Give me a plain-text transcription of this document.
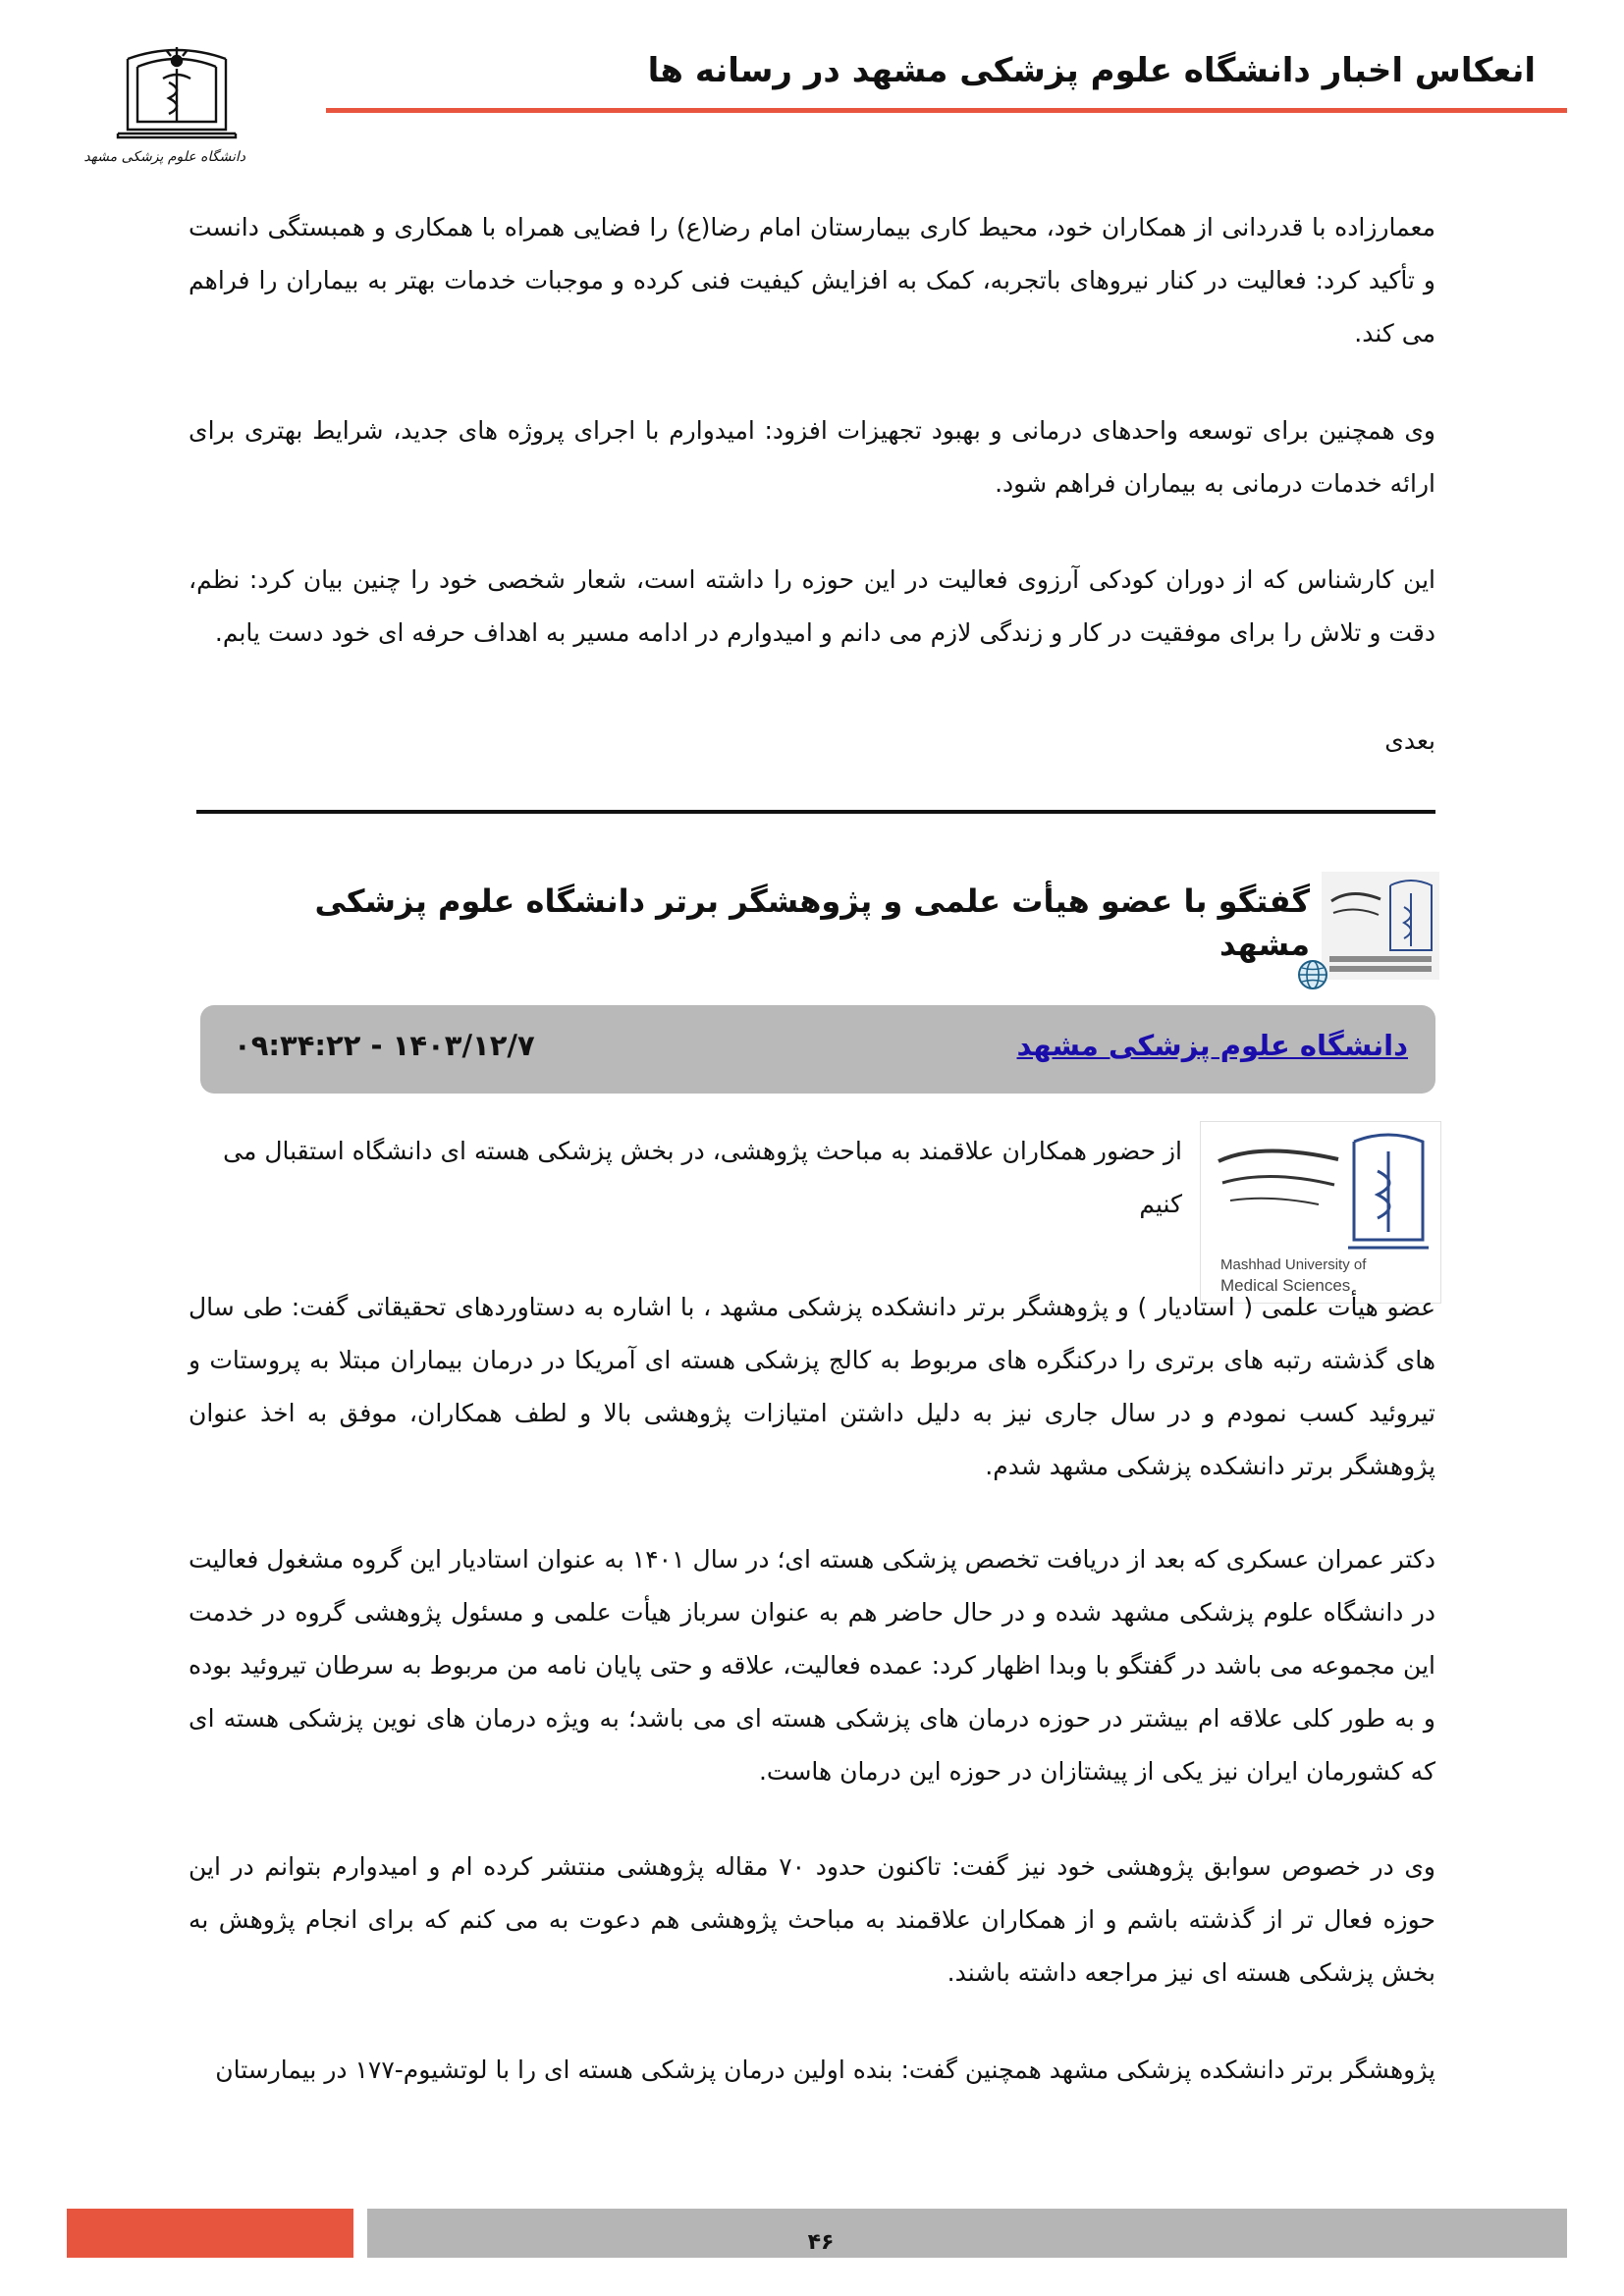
انعکاس اخبار دانشگاه علوم پزشکی مشهد در رسانه ها
دانشگاه علوم پزشکی مشهد
معمارزاده با قدردانی از همکاران خود، محیط کاری بیمارستان امام رضا(ع) را فضایی همراه با همکاری و همبستگی دانست و تأکید کرد: فعالیت در کنار نیروهای باتجربه، کمک به افزایش کیفیت فنی کرده و موجبات خدمات بهتر به بیماران را فراهم می کند.
وی همچنین برای توسعه واحدهای درمانی و بهبود تجهیزات افزود: امیدوارم با اجرای پروژه های جدید، شرایط بهتری برای ارائه خدمات درمانی به بیماران فراهم شود.
این کارشناس که از دوران کودکی آرزوی فعالیت در این حوزه را داشته است، شعار شخصی خود را چنین بیان کرد: نظم، دقت و تلاش را برای موفقیت در کار و زندگی لازم می دانم و امیدوارم در ادامه مسیر به اهداف حرفه ای خود دست یابم.
بعدی
گفتگو با عضو هیأت علمی و پژوهشگر برتر دانشگاه علوم پزشکی مشهد
دانشگاه علوم پزشکی مشهد
۱۴۰۳/۱۲/۷ - ۰۹:۳۴:۲۲
Mashhad University of
Medical Sciences
از حضور همکاران علاقمند به مباحث پژوهشی، در بخش پزشکی هسته ای دانشگاه استقبال می کنیم
عضو هیأت علمی ( استادیار ) و پژوهشگر برتر دانشکده پزشکی مشهد ، با اشاره به دستاوردهای تحقیقاتی گفت: طی سال های گذشته رتبه های برتری را درکنگره های مربوط به کالج پزشکی هسته ای آمریکا در درمان بیماران مبتلا به پروستات و تیروئید کسب نمودم و در سال جاری نیز به دلیل داشتن امتیازات پژوهشی بالا و لطف همکاران، موفق به اخذ عنوان پژوهشگر برتر دانشکده پزشکی مشهد شدم.
دکتر عمران عسکری که بعد از دریافت تخصص پزشکی هسته ای؛ در سال ۱۴۰۱ به عنوان استادیار این گروه مشغول فعالیت در دانشگاه علوم پزشکی مشهد شده و در حال حاضر هم به عنوان سرباز هیأت علمی و مسئول پژوهشی گروه در خدمت این مجموعه می باشد در گفتگو با وبدا اظهار کرد: عمده فعالیت، علاقه و حتی پایان نامه من مربوط به سرطان تیروئید بوده و به طور کلی علاقه ام بیشتر در حوزه درمان های پزشکی هسته ای می باشد؛ به ویژه درمان های نوین پزشکی هسته ای که کشورمان ایران نیز یکی از پیشتازان در حوزه این درمان هاست.
وی در خصوص سوابق پژوهشی خود نیز گفت: تاکنون حدود ۷۰ مقاله پژوهشی منتشر کرده ام و امیدوارم بتوانم در این حوزه فعال تر از گذشته باشم و از همکاران علاقمند به مباحث پژوهشی هم دعوت به می کنم که برای انجام پژوهش به بخش پزشکی هسته ای نیز مراجعه داشته باشند.
پژوهشگر برتر دانشکده پزشکی مشهد همچنین گفت: بنده اولین درمان پزشکی هسته ای را با لوتشیوم-۱۷۷ در بیمارستان
۴۶
